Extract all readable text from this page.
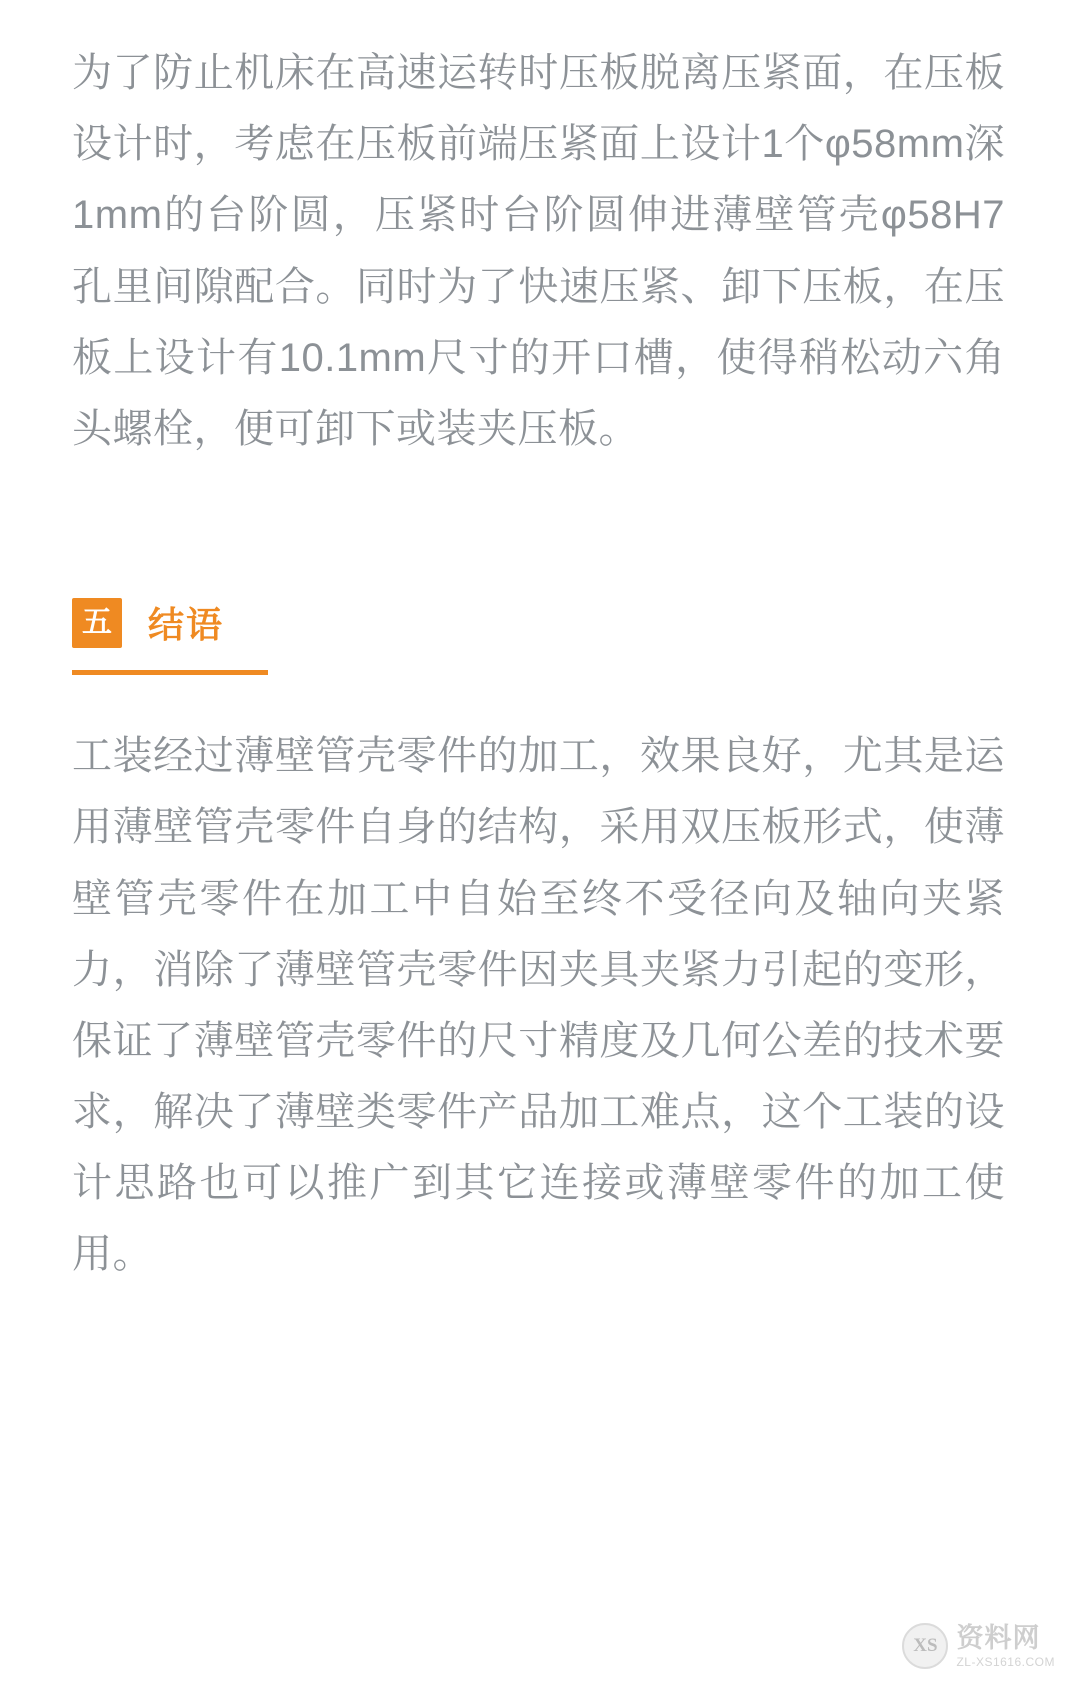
为了防止机床在高速运转时压板脱离压紧面，在压板设计时，考虑在压板前端压紧面上设计1个φ58mm深1mm的台阶圆，压紧时台阶圆伸进薄壁管壳φ58H7孔里间隙配合。同时为了快速压紧、卸下压板，在压板上设计有10.1mm尺寸的开口槽，使得稍松动六角头螺栓，便可卸下或装夹压板。

五 结语

工装经过薄壁管壳零件的加工，效果良好，尤其是运用薄壁管壳零件自身的结构，采用双压板形式，使薄壁管壳零件在加工中自始至终不受径向及轴向夹紧力，消除了薄壁管壳零件因夹具夹紧力引起的变形，保证了薄壁管壳零件的尺寸精度及几何公差的技术要求，解决了薄壁类零件产品加工难点，这个工装的设计思路也可以推广到其它连接或薄壁零件的加工使用。

XS 资料网
ZL-XS1616.COM
